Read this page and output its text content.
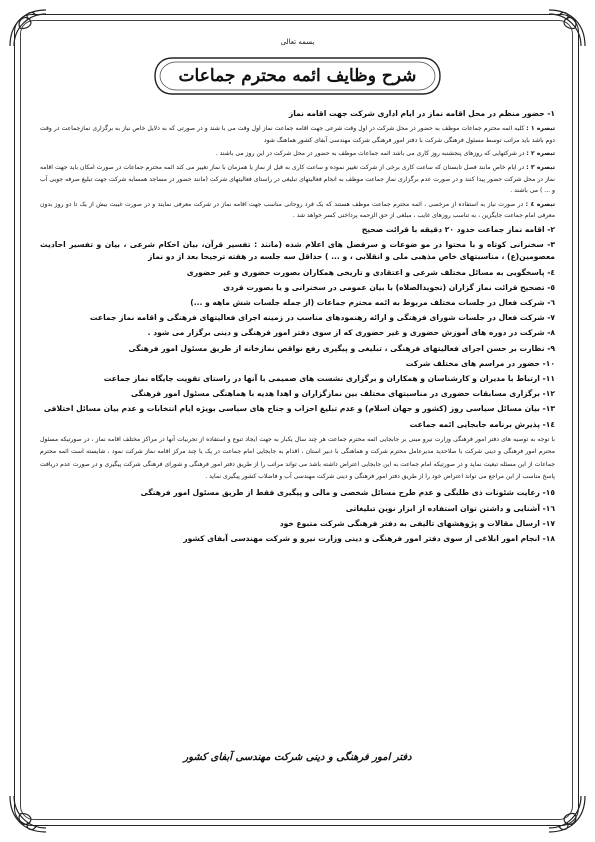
بسمه تعالی
شرح وظایف ائمه محترم جماعات

۱- حضور منظم در محل اقامه نماز در ایام اداری شرکت جهت اقامه نماز

تبصره ۱ : کلیه ائمه محترم جماعات موظف به حضور در محل شرکت در اول وقت شرعی جهت اقامه جماعت نماز اول وقت می با شند و در صورتی که به دلایل خاص نیاز به برگزاری نمازجماعت در وقت دوم باشد باید مراتب توسط مسئول فرهنگی شرکت با دفتر امور فرهنگی شرکت مهندسی آبفای کشور هماهنگ شود

تبصره ۲ : در شرکتهایی که روزهای پنجشنبه روز کاری می باشد ائمه جماعات موظف به حضور در محل شرکت در این روز می باشند .

تبصره ۳ : در ایام خاص مانند فصل تابستان که ساعت کاری برخی از شرکت تغییر نموده و ساعت کاری به قبل از نماز یا همزمان با نماز تغییر می کند ائمه محترم جماعات در صورت امکان باید جهت اقامه نماز در محل شرکت حضور پیدا کنند و در صورت عدم برگزاری نماز جماعت موظف به انجام فعالیتهای تبلیغی در راستای فعالیتهای شرکت (مانند حضور در مساجد همسایه شرکت جهت تبلیغ صرفه جویی آب و ... ) می باشند .

تبصره ٤ : در صورت نیاز به استفاده از مرخصی ، ائمه محترم جماعت موظف هستند که یک فرد روحانی مناسب جهت اقامه نماز در شرکت معرفی نمایند و در صورت غیبت بیش از یک تا دو روز بدون معرفی امام جماعت جایگزین ، به تناسب روزهای غایب ، مبلغی از حق الزحمه پرداختی کسر خواهد شد .

۲- اقامه نماز جماعت حدود ۲۰ دقیقه با قرائت صحیح

۳- سخنرانی کوتاه و با محتوا در مو ضوعات و سرفصل های اعلام شده (مانند : تفسیر قرآن، بیان احکام شرعی ، بیان و تفسیر احادیث معصومین(ع) ، مناسبتهای خاص مذهبی ملی و انقلابی ، و ... ) حداقل سه جلسه در هفته ترجیحا بعد از دو نماز

٤- پاسخگویی به مسائل مختلف شرعی و اعتقادی و تاریخی همکاران بصورت حضوری و غیر حضوری

٥- تصحیح قرائت نماز گزاران (تجویدالصلاه) با بیان عمومی در سخنرانی و یا بصورت فردی

٦- شرکت فعال در جلسات مختلف مربوط به ائمه محترم جماعات (از جمله جلسات شش ماهه و ...)

۷- شرکت فعال در جلسات شورای فرهنگی و ارائه رهنمودهای مناسب در زمینه اجرای فعالیتهای فرهنگی و اقامه نماز جماعت

۸- شرکت در دوره های آموزش حضوری و غیر حضوری که از سوی دفتر امور فرهنگی و دینی برگزار می شود .

۹- نظارت بر حسن اجرای فعالیتهای فرهنگی ، تبلیغی و پیگیری رفع نواقص نمازخانه از طریق مسئول امور فرهنگی

۱۰- حضور در مراسم های مختلف شرکت

۱۱- ارتباط با مدیران و کارشناسان و همکاران و برگزاری نشست های صمیمی با آنها در راستای تقویت جایگاه نماز جماعت

۱۲- برگزاری مسابقات حضوری در مناسبتهای مختلف بین نمازگزاران و اهدا هدیه با هماهنگی مسئول امور فرهنگی

۱۳- بیان مسائل سیاسی روز (کشور و جهان اسلام) و عدم تبلیغ احزاب و جناح های سیاسی بویژه ایام انتخابات و عدم بیان مسائل اختلافی

۱٤- پذیرش برنامه جابجایی ائمه جماعت

با توجه به توصیه های دفتر امور فرهنگی وزارت نیرو مبنی بر جابجایی ائمه محترم جماعت هر چند سال یکبار به جهت ایجاد تنوع و استفاده از تجربیات آنها در مراکز مختلف اقامه نماز ، در صورتیکه مسئول محترم امور فرهنگی و دینی شرکت با صلاحدید مدیرعامل محترم شرکت و هماهنگی با دبیر استان ، اقدام به جابجایی امام جماعت در یک یا چند مرکز اقامه نماز شرکت نمود ، شایسته است ائمه محترم جماعات از این مسئله تبعیت نماید و در صورتیکه امام جماعت به این جابجایی اعتراض داشته باشد می تواند مراتب را از طریق دفتر امور فرهنگی و شورای فرهنگی شرکت پیگیری و در صورت عدم دریافت پاسخ مناسب از این مراجع می تواند اعتراض خود را از طریق دفتر امور فرهنگی و دینی شرکت مهندسی آب و فاضلاب کشور پیگیری نماید .

۱٥- رعایت شئونات ذی طلبگی و عدم طرح مسائل شخصی و مالی و پیگیری فقط از طریق مسئول امور فرهنگی

۱٦- آشنایی و داشتن توان استفاده از ابزار نوین تبلیغاتی

۱۷- ارسال مقالات و پژوهشهای تالیفی به دفتر فرهنگی شرکت متبوع خود

۱۸- انجام امور ابلاغی از سوی دفتر امور فرهنگی و دینی وزارت نیرو و شرکت مهندسی آبفای کشور

دفتر امور فرهنگی و دینی شرکت مهندسی آبفای کشور
